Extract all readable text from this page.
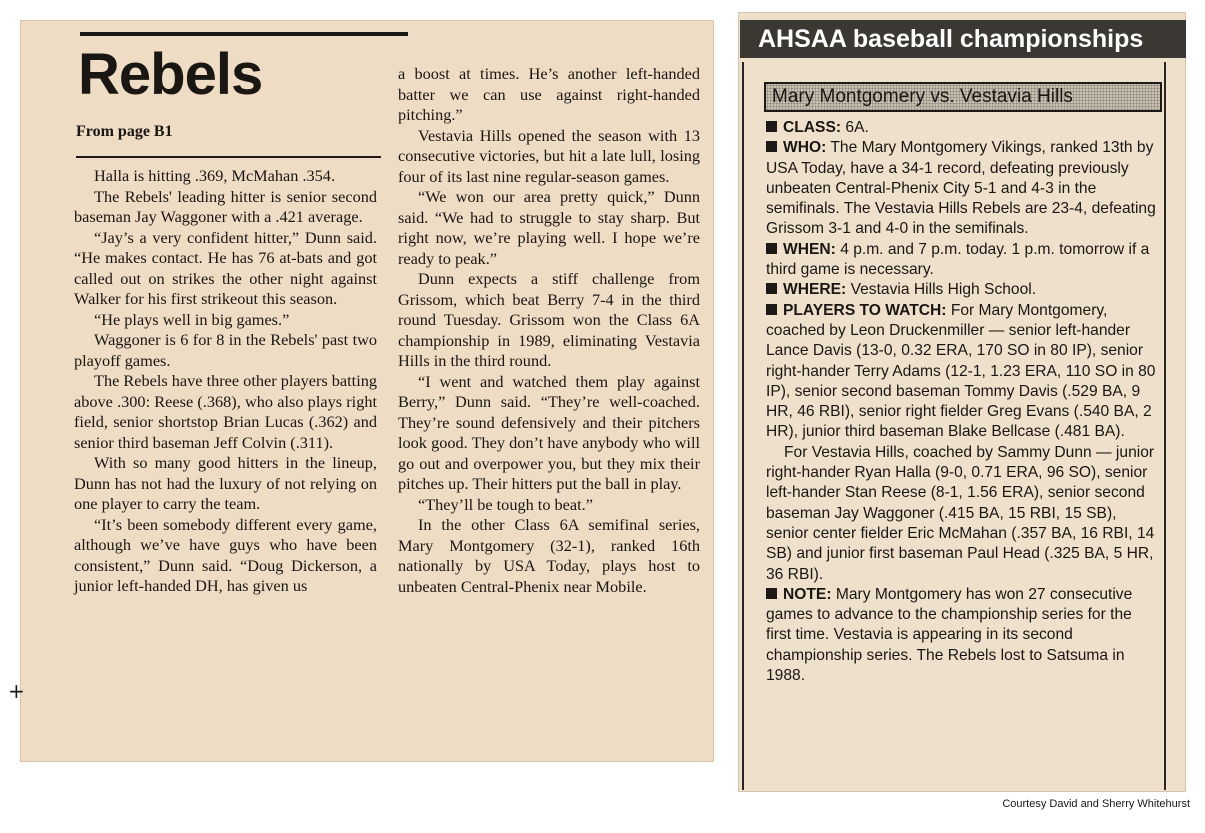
Rebels

From page B1

Halla is hitting .369, McMahan .354.

The Rebels' leading hitter is senior second baseman Jay Waggoner with a .421 average.

“Jay’s a very confident hitter,” Dunn said. “He makes contact. He has 76 at-bats and got called out on strikes the other night against Walker for his first strikeout this season.

“He plays well in big games.”

Waggoner is 6 for 8 in the Rebels' past two playoff games.

The Rebels have three other players batting above .300: Reese (.368), who also plays right field, senior shortstop Brian Lucas (.362) and senior third baseman Jeff Colvin (.311).

With so many good hitters in the lineup, Dunn has not had the luxury of not relying on one player to carry the team.

“It’s been somebody different every game, although we’ve have guys who have been consistent,” Dunn said. “Doug Dickerson, a junior left-handed DH, has given us

a boost at times. He’s another left-handed batter we can use against right-handed pitching.”

Vestavia Hills opened the season with 13 consecutive victories, but hit a late lull, losing four of its last nine regular-season games.

“We won our area pretty quick,” Dunn said. “We had to struggle to stay sharp. But right now, we’re playing well. I hope we’re ready to peak.”

Dunn expects a stiff challenge from Grissom, which beat Berry 7-4 in the third round Tuesday. Grissom won the Class 6A championship in 1989, eliminating Vestavia Hills in the third round.

“I went and watched them play against Berry,” Dunn said. “They’re well-coached. They’re sound defensively and their pitchers look good. They don’t have anybody who will go out and overpower you, but they mix their pitches up. Their hitters put the ball in play.

“They’ll be tough to beat.”

In the other Class 6A semifinal series, Mary Montgomery (32-1), ranked 16th nationally by USA Today, plays host to unbeaten Central-Phenix near Mobile.

+
AHSAA baseball championships
Mary Montgomery vs. Vestavia Hills

CLASS: 6A.

WHO: The Mary Montgomery Vikings, ranked 13th by USA Today, have a 34-1 record, defeating previously unbeaten Central-Phenix City 5-1 and 4-3 in the semifinals. The Vestavia Hills Rebels are 23-4, defeating Grissom 3-1 and 4-0 in the semifinals.

WHEN: 4 p.m. and 7 p.m. today. 1 p.m. tomorrow if a third game is necessary.

WHERE: Vestavia Hills High School.

PLAYERS TO WATCH: For Mary Montgomery, coached by Leon Druckenmiller — senior left-hander Lance Davis (13-0, 0.32 ERA, 170 SO in 80 IP), senior right-hander Terry Adams (12-1, 1.23 ERA, 110 SO in 80 IP), senior second baseman Tommy Davis (.529 BA, 9 HR, 46 RBI), senior right fielder Greg Evans (.540 BA, 2 HR), junior third baseman Blake Bellcase (.481 BA).

For Vestavia Hills, coached by Sammy Dunn — junior right-hander Ryan Halla (9-0, 0.71 ERA, 96 SO), senior left-hander Stan Reese (8-1, 1.56 ERA), senior second baseman Jay Waggoner (.415 BA, 15 RBI, 15 SB), senior center fielder Eric McMahan (.357 BA, 16 RBI, 14 SB) and junior first baseman Paul Head (.325 BA, 5 HR, 36 RBI).

NOTE: Mary Montgomery has won 27 consecutive games to advance to the championship series for the first time. Vestavia is appearing in its second championship series. The Rebels lost to Satsuma in 1988.

Courtesy David and Sherry Whitehurst
